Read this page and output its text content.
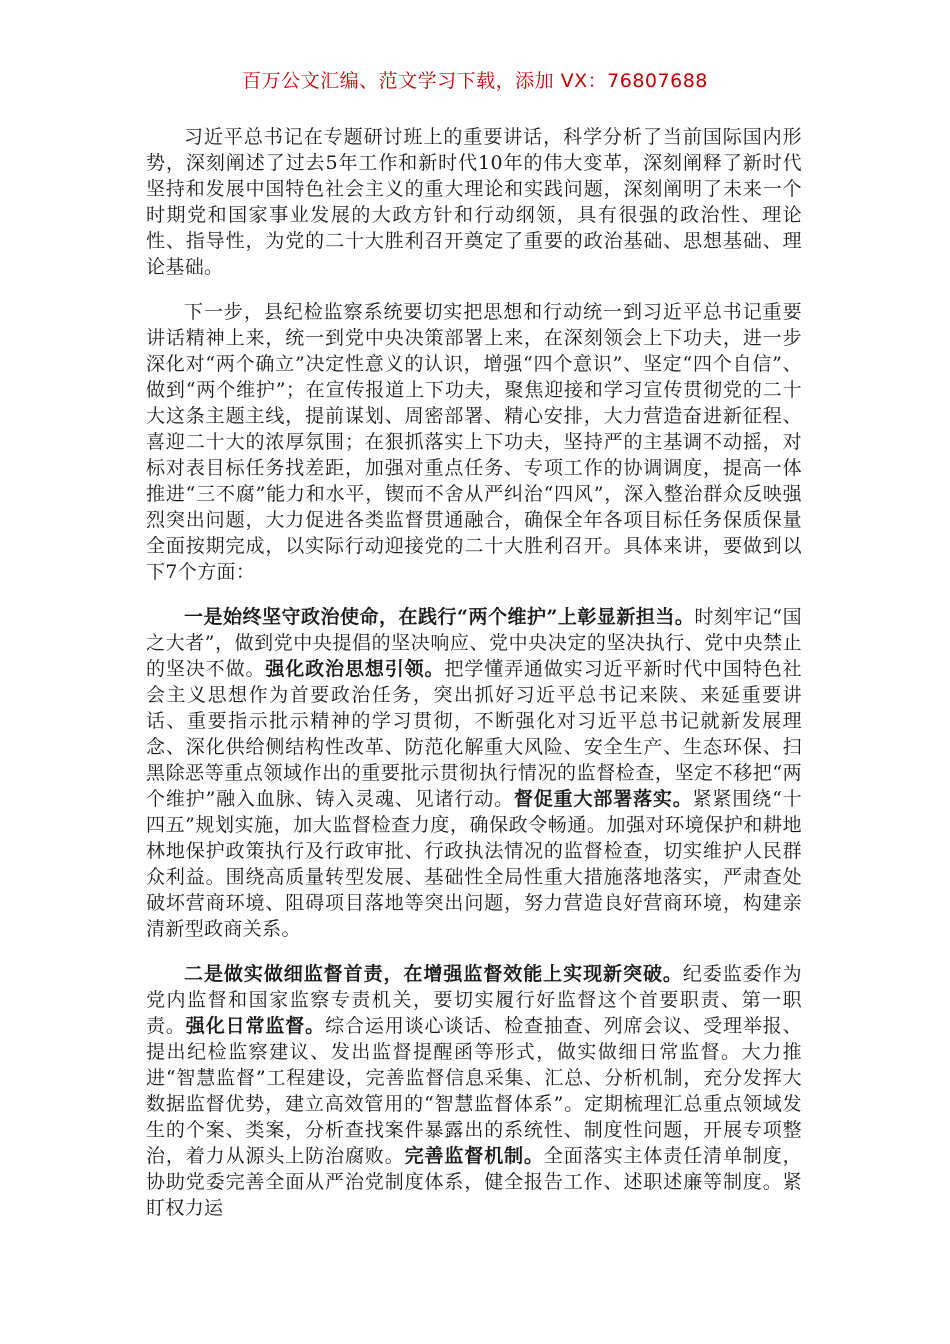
百万公文汇编、范文学习下载，添加 VX：76807688

习近平总书记在专题研讨班上的重要讲话，科学分析了当前国际国内形势，深刻阐述了过去5年工作和新时代10年的伟大变革，深刻阐释了新时代坚持和发展中国特色社会主义的重大理论和实践问题，深刻阐明了未来一个时期党和国家事业发展的大政方针和行动纲领，具有很强的政治性、理论性、指导性，为党的二十大胜利召开奠定了重要的政治基础、思想基础、理论基础。

下一步，县纪检监察系统要切实把思想和行动统一到习近平总书记重要讲话精神上来，统一到党中央决策部署上来，在深刻领会上下功夫，进一步深化对“两个确立”决定性意义的认识，增强“四个意识”、坚定“四个自信”、做到“两个维护”；在宣传报道上下功夫，聚焦迎接和学习宣传贯彻党的二十大这条主题主线，提前谋划、周密部署、精心安排，大力营造奋进新征程、喜迎二十大的浓厚氛围；在狠抓落实上下功夫，坚持严的主基调不动摇，对标对表目标任务找差距，加强对重点任务、专项工作的协调调度，提高一体推进“三不腐”能力和水平，锲而不舍从严纠治“四风”，深入整治群众反映强烈突出问题，大力促进各类监督贯通融合，确保全年各项目标任务保质保量全面按期完成，以实际行动迎接党的二十大胜利召开。具体来讲，要做到以下7个方面：

一是始终坚守政治使命，在践行“两个维护”上彰显新担当。时刻牢记“国之大者”，做到党中央提倡的坚决响应、党中央决定的坚决执行、党中央禁止的坚决不做。强化政治思想引领。把学懂弄通做实习近平新时代中国特色社会主义思想作为首要政治任务，突出抓好习近平总书记来陕、来延重要讲话、重要指示批示精神的学习贯彻，不断强化对习近平总书记就新发展理念、深化供给侧结构性改革、防范化解重大风险、安全生产、生态环保、扫黑除恶等重点领域作出的重要批示贯彻执行情况的监督检查，坚定不移把“两个维护”融入血脉、铸入灵魂、见诸行动。督促重大部署落实。紧紧围绕“十四五”规划实施，加大监督检查力度，确保政令畅通。加强对环境保护和耕地林地保护政策执行及行政审批、行政执法情况的监督检查，切实维护人民群众利益。围绕高质量转型发展、基础性全局性重大措施落地落实，严肃查处破坏营商环境、阻碍项目落地等突出问题，努力营造良好营商环境，构建亲清新型政商关系。

二是做实做细监督首责，在增强监督效能上实现新突破。纪委监委作为党内监督和国家监察专责机关，要切实履行好监督这个首要职责、第一职责。强化日常监督。综合运用谈心谈话、检查抽查、列席会议、受理举报、提出纪检监察建议、发出监督提醒函等形式，做实做细日常监督。大力推进“智慧监督”工程建设，完善监督信息采集、汇总、分析机制，充分发挥大数据监督优势，建立高效管用的“智慧监督体系”。定期梳理汇总重点领域发生的个案、类案，分析查找案件暴露出的系统性、制度性问题，开展专项整治，着力从源头上防治腐败。完善监督机制。全面落实主体责任清单制度，协助党委完善全面从严治党制度体系，健全报告工作、述职述廉等制度。紧盯权力运
